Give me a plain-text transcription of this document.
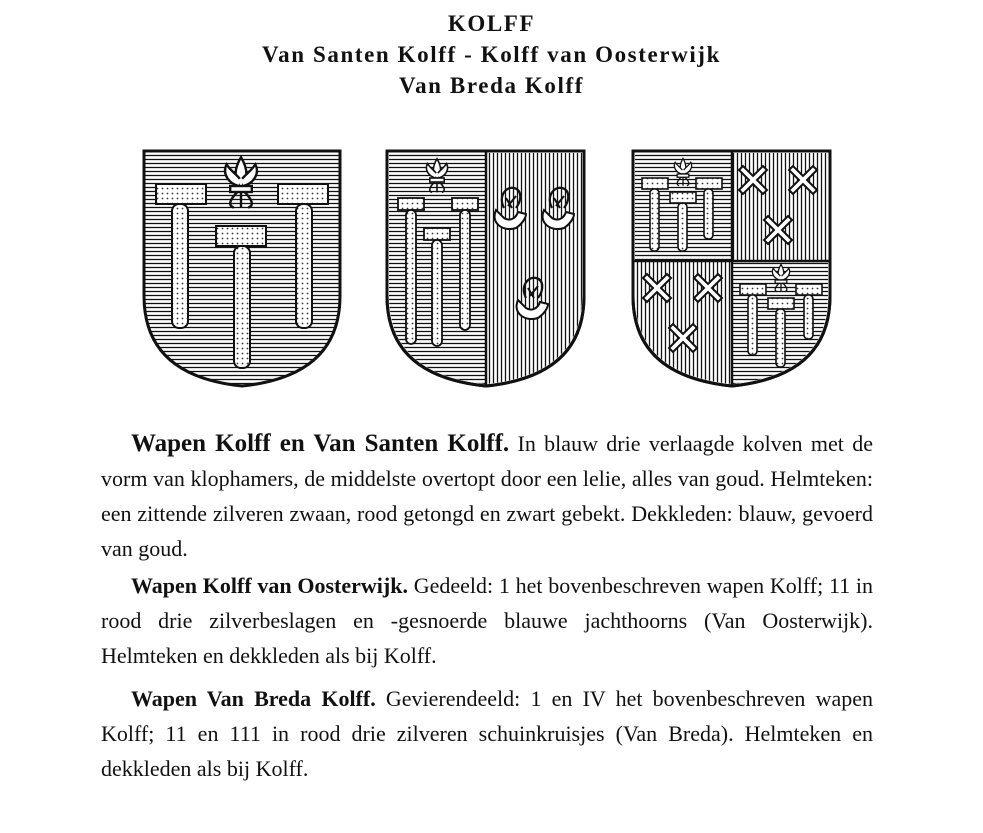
KOLFF
Van Santen Kolff - Kolff van Oosterwijk
Van Breda Kolff

Wapen Kolff en Van Santen Kolff. In blauw drie verlaagde kolven met de vorm van klophamers, de middelste overtopt door een lelie, alles van goud. Helmteken: een zittende zilveren zwaan, rood getongd en zwart gebekt. Dekkleden: blauw, gevoerd van goud.

Wapen Kolff van Oosterwijk. Gedeeld: 1 het bovenbeschreven wapen Kolff; 11 in rood drie zilverbeslagen en -gesnoerde blauwe jachthoorns (Van Oosterwijk). Helmteken en dekkleden als bij Kolff.

Wapen Van Breda Kolff. Gevierendeeld: 1 en IV het bovenbeschreven wapen Kolff; 11 en 111 in rood drie zilveren schuinkruisjes (Van Breda). Helmteken en dekkleden als bij Kolff.
